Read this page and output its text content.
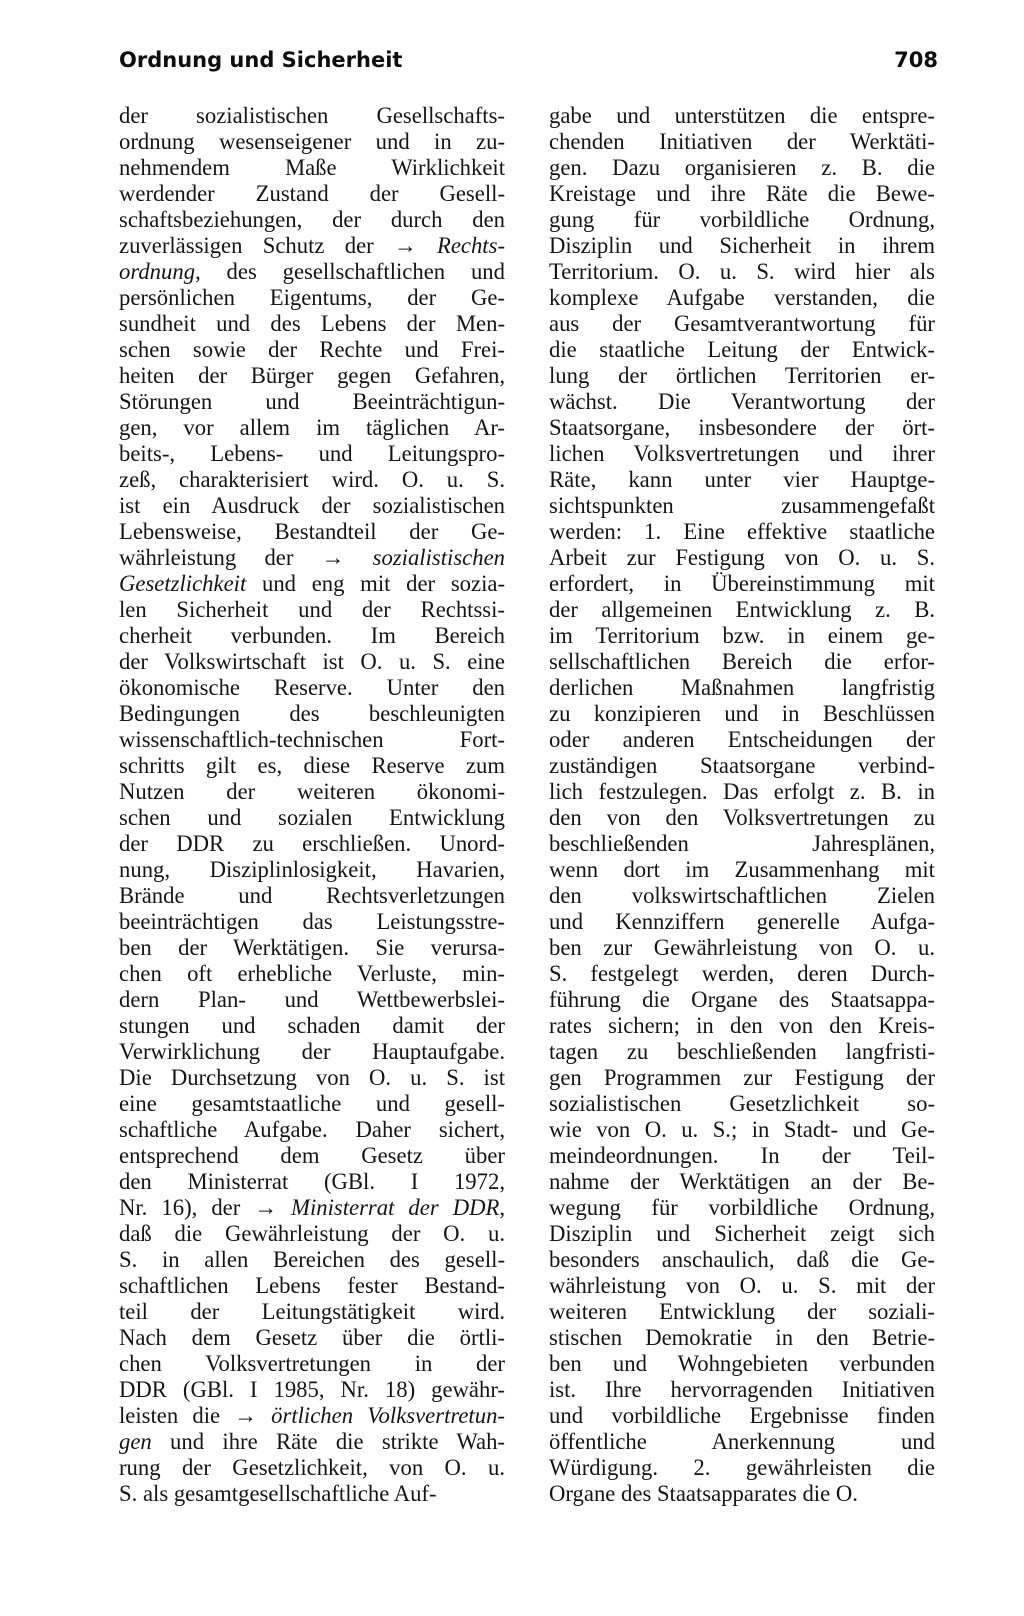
Ordnung und Sicherheit	708
der sozialistischen Gesellschafts-
ordnung wesenseigener und in zu-
nehmendem Maße Wirklichkeit
werdender Zustand der Gesell-
schaftsbeziehungen, der durch den
zuverlässigen Schutz der → Rechts-
ordnung, des gesellschaftlichen und
persönlichen Eigentums, der Ge-
sundheit und des Lebens der Men-
schen sowie der Rechte und Frei-
heiten der Bürger gegen Gefahren,
Störungen und Beeinträchtigun-
gen, vor allem im täglichen Ar-
beits-, Lebens- und Leitungspro-
zeß, charakterisiert wird. O. u. S.
ist ein Ausdruck der sozialistischen
Lebensweise, Bestandteil der Ge-
währleistung der → sozialistischen
Gesetzlichkeit und eng mit der sozia-
len Sicherheit und der Rechtssi-
cherheit verbunden. Im Bereich
der Volkswirtschaft ist O. u. S. eine
ökonomische Reserve. Unter den
Bedingungen des beschleunigten
wissenschaftlich-technischen Fort-
schritts gilt es, diese Reserve zum
Nutzen der weiteren ökonomi-
schen und sozialen Entwicklung
der DDR zu erschließen. Unord-
nung, Disziplinlosigkeit, Havarien,
Brände und Rechtsverletzungen
beeinträchtigen das Leistungsstre-
ben der Werktätigen. Sie verursa-
chen oft erhebliche Verluste, min-
dern Plan- und Wettbewerbslei-
stungen und schaden damit der
Verwirklichung der Hauptaufgabe.
Die Durchsetzung von O. u. S. ist
eine gesamtstaatliche und gesell-
schaftliche Aufgabe. Daher sichert,
entsprechend dem Gesetz über
den Ministerrat (GBl. I 1972,
Nr. 16), der → Ministerrat der DDR,
daß die Gewährleistung der O. u.
S. in allen Bereichen des gesell-
schaftlichen Lebens fester Bestand-
teil der Leitungstätigkeit wird.
Nach dem Gesetz über die örtli-
chen Volksvertretungen in der
DDR (GBl. I 1985, Nr. 18) gewähr-
leisten die → örtlichen Volksvertretun-
gen und ihre Räte die strikte Wah-
rung der Gesetzlichkeit, von O. u.
S. als gesamtgesellschaftliche Auf-
gabe und unterstützen die entspre-
chenden Initiativen der Werktäti-
gen. Dazu organisieren z. B. die
Kreistage und ihre Räte die Bewe-
gung für vorbildliche Ordnung,
Disziplin und Sicherheit in ihrem
Territorium. O. u. S. wird hier als
komplexe Aufgabe verstanden, die
aus der Gesamtverantwortung für
die staatliche Leitung der Entwick-
lung der örtlichen Territorien er-
wächst. Die Verantwortung der
Staatsorgane, insbesondere der ört-
lichen Volksvertretungen und ihrer
Räte, kann unter vier Hauptge-
sichtspunkten zusammengefaßt
werden: 1. Eine effektive staatliche
Arbeit zur Festigung von O. u. S.
erfordert, in Übereinstimmung mit
der allgemeinen Entwicklung z. B.
im Territorium bzw. in einem ge-
sellschaftlichen Bereich die erfor-
derlichen Maßnahmen langfristig
zu konzipieren und in Beschlüssen
oder anderen Entscheidungen der
zuständigen Staatsorgane verbind-
lich festzulegen. Das erfolgt z. B. in
den von den Volksvertretungen zu
beschließenden Jahresplänen,
wenn dort im Zusammenhang mit
den volkswirtschaftlichen Zielen
und Kennziffern generelle Aufga-
ben zur Gewährleistung von O. u.
S. festgelegt werden, deren Durch-
führung die Organe des Staatsappa-
rates sichern; in den von den Kreis-
tagen zu beschließenden langfristi-
gen Programmen zur Festigung der
sozialistischen Gesetzlichkeit so-
wie von O. u. S.; in Stadt- und Ge-
meindeordnungen. In der Teil-
nahme der Werktätigen an der Be-
wegung für vorbildliche Ordnung,
Disziplin und Sicherheit zeigt sich
besonders anschaulich, daß die Ge-
währleistung von O. u. S. mit der
weiteren Entwicklung der soziali-
stischen Demokratie in den Betrie-
ben und Wohngebieten verbunden
ist. Ihre hervorragenden Initiativen
und vorbildliche Ergebnisse finden
öffentliche Anerkennung und
Würdigung. 2. gewährleisten die
Organe des Staatsapparates die O.
